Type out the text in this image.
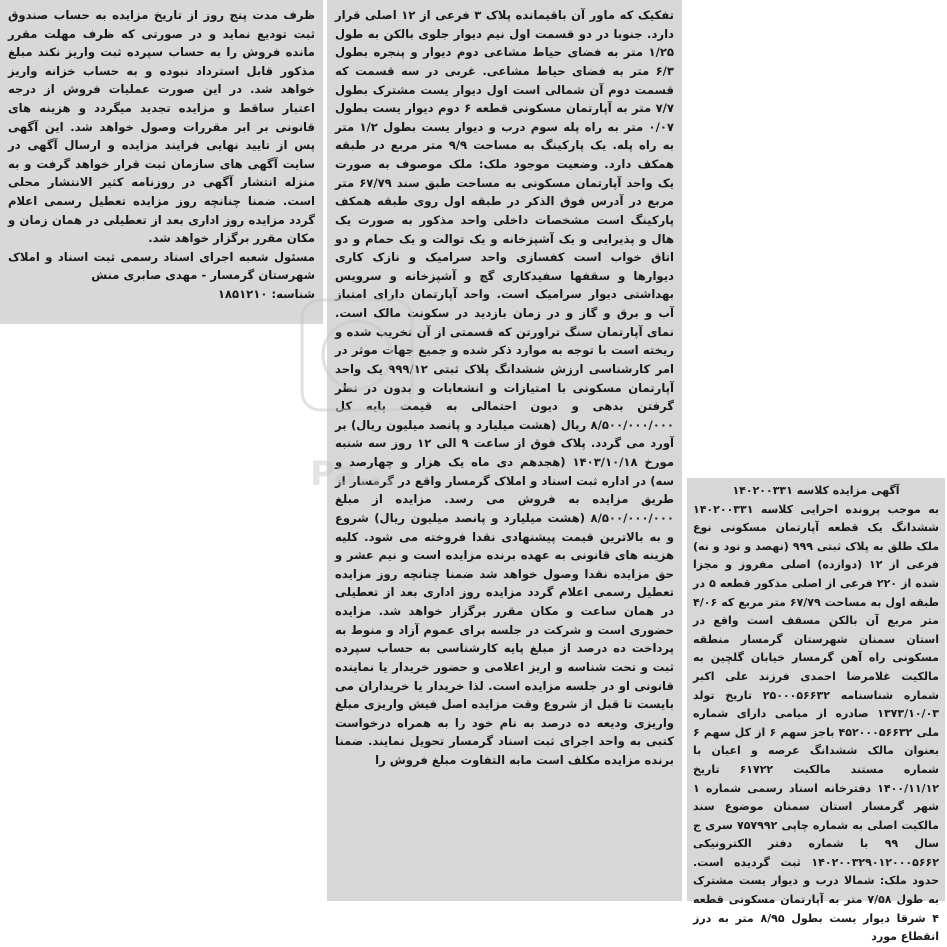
ظرف مدت پنج روز از تاریخ مزایده به حساب صندوق ثبت تودیع نماید و در صورتی که ظرف مهلت مقرر مانده فروش را به حساب سپرده ثبت واریز نکند مبلغ مذکور قابل استرداد نبوده و به حساب خزانه واریز خواهد شد. در این صورت عملیات فروش از درجه اعتبار ساقط و مزایده تجدید میگردد و هزینه های قانونی بر ابر مقررات وصول خواهد شد. این آگهی پس از تایید نهایی فرایند مزایده و ارسال آگهی در سایت آگهی های سازمان ثبت قرار خواهد گرفت و به منزله انتشار آگهی در روزنامه کثیر الانتشار محلی است. ضمنا چنانچه روز مزایده تعطیل رسمی اعلام گردد مزایده روز اداری بعد از تعطیلی در همان زمان و مکان مقرر برگزار خواهد شد.

مسئول شعبه اجرای اسناد رسمی ثبت اسناد و املاک شهرستان گرمسار - مهدی صابری منش

شناسه: ۱۸۵۱۲۱۰

تفکیک که ماور آن باقیمانده پلاک ۳ فرعی از ۱۲ اصلی قرار دارد. جنوبا در دو قسمت اول نیم دیوار جلوی بالکن به طول ۱/۲۵ متر به فضای حیاط مشاعی دوم دیوار و پنجره بطول ۶/۳ متر به فضای حیاط مشاعی. غربی در سه قسمت که قسمت دوم آن شمالی است اول دیوار یست مشترک بطول ۷/۷ متر به آپارتمان مسکونی قطعه ۶ دوم دیوار یست بطول ۰/۰۷ متر به راه پله سوم درب و دیوار یست بطول ۱/۲ متر به راه پله. یک پارکینگ به مساحت ۹/۹ متر مربع در طبقه همکف دارد. وضعیت موجود ملک: ملک موصوف به صورت یک واحد آپارتمان مسکونی به مساحت طبق سند ۶۷/۷۹ متر مربع در آدرس فوق الذکر در طبقه اول روی طبقه همکف پارکینگ است مشخصات داخلی واحد مذکور به صورت یک هال و پذیرایی و یک آشپزخانه و یک توالت و یک حمام و دو اتاق خواب است کفسازی واحد سرامیک و نازک کاری دیوارها و سقفها سفیدکاری گچ و آشپزخانه و سرویس بهداشتی دیوار سرامیک است. واحد آپارتمان دارای امتیاز آب و برق و گاز و در زمان بازدید در سکونت مالک است. نمای آپارتمان سنگ تراورتن که قسمتی از آن تخریب شده و ریخته است با توجه به موارد ذکر شده و جمیع جهات موثر در امر کارشناسی ارزش ششدانگ پلاک ثبتی ۹۹۹/۱۲ یک واحد آپارتمان مسکونی با امتیازات و انشعابات و بدون در نظر گرفتن بدهی و دیون احتمالی به قیمت پایه کل ۸/۵۰۰/۰۰۰/۰۰۰ ریال (هشت میلیارد و پانصد میلیون ریال) بر آورد می گردد. پلاک فوق از ساعت ۹ الی ۱۲ روز سه شنبه مورخ ۱۴۰۳/۱۰/۱۸ (هجدهم دی ماه یک هزار و چهارصد و سه) در اداره ثبت اسناد و املاک گرمسار واقع در گرمسار از طریق مزایده به فروش می رسد. مزایده از مبلغ ۸/۵۰۰/۰۰۰/۰۰۰ (هشت میلیارد و پانصد میلیون ریال) شروع و به بالاترین قیمت پیشنهادی نقدا فروخته می شود. کلیه هزینه های قانونی به عهده برنده مزایده است و نیم عشر و حق مزایده نقدا وصول خواهد شد ضمنا چنانچه روز مزایده تعطیل رسمی اعلام گردد مزایده روز اداری بعد از تعطیلی در همان ساعت و مکان مقرر برگزار خواهد شد. مزایده حضوری است و شرکت در جلسه برای عموم آزاد و منوط به پرداخت ده درصد از مبلغ پایه کارشناسی به حساب سپرده ثبت و تحت شناسه و اریز اعلامی و حضور خریدار یا نماینده قانونی او در جلسه مزایده است. لذا خریدار یا خریداران می بایست تا قبل از شروع وقت مزایده اصل فیش واریزی مبلغ واریزی ودیعه ده درصد به نام خود را به همراه درخواست کتبی به واحد اجرای ثبت اسناد گرمسار تحویل نمایند. ضمنا برنده مزایده مکلف است مابه التفاوت مبلغ فروش را

آگهی مزایده کلاسه ۱۴۰۲۰۰۳۳۱

به موجب پرونده اجرایی کلاسه ۱۴۰۲۰۰۳۳۱ ششدانگ یک قطعه آپارتمان مسکونی نوع ملک طلق به پلاک ثبتی ۹۹۹ (نهصد و نود و نه) فرعی از ۱۲ (دوازده) اصلی مفروز و مجزا شده از ۲۲۰ فرعی از اصلی مذکور قطعه ۵ در طبقه اول به مساحت ۶۷/۷۹ متر مربع که ۴/۰۶ متر مربع آن بالکن مسقف است واقع در استان سمنان شهرستان گرمسار منطقه مسکونی راه آهن گرمسار خیابان گلچین به مالکیت غلامرضا احمدی فرزند علی اکبر شماره شناسنامه ۲۵۰۰۰۵۶۶۳۲ تاریخ تولد ۱۳۷۳/۱۰/۰۳ صادره از میامی دارای شماره ملی ۴۵۲۰۰۰۵۶۶۳۲ باجز سهم ۶ از کل سهم ۶ بعنوان مالک ششدانگ عرصه و اعیان با شماره مستند مالکیت ۶۱۷۲۲ تاریخ ۱۴۰۰/۱۱/۱۲ دفترخانه اسناد رسمی شماره ۱ شهر گرمسار استان سمنان موضوع سند مالکیت اصلی به شماره چاپی ۷۵۷۹۹۲ سری ج سال ۹۹ با شماره دفتر الکترونیکی ۱۴۰۲۰۰۳۲۹۰۱۲۰۰۰۵۶۶۲ ثبت گردیده است. حدود ملک: شمالا درب و دیوار یست مشترک به طول ۷/۵۸ متر به آپارتمان مسکونی قطعه ۴ شرقا دیوار یست بطول ۸/۹۵ متر به درز انقطاع مورد

Pa...
